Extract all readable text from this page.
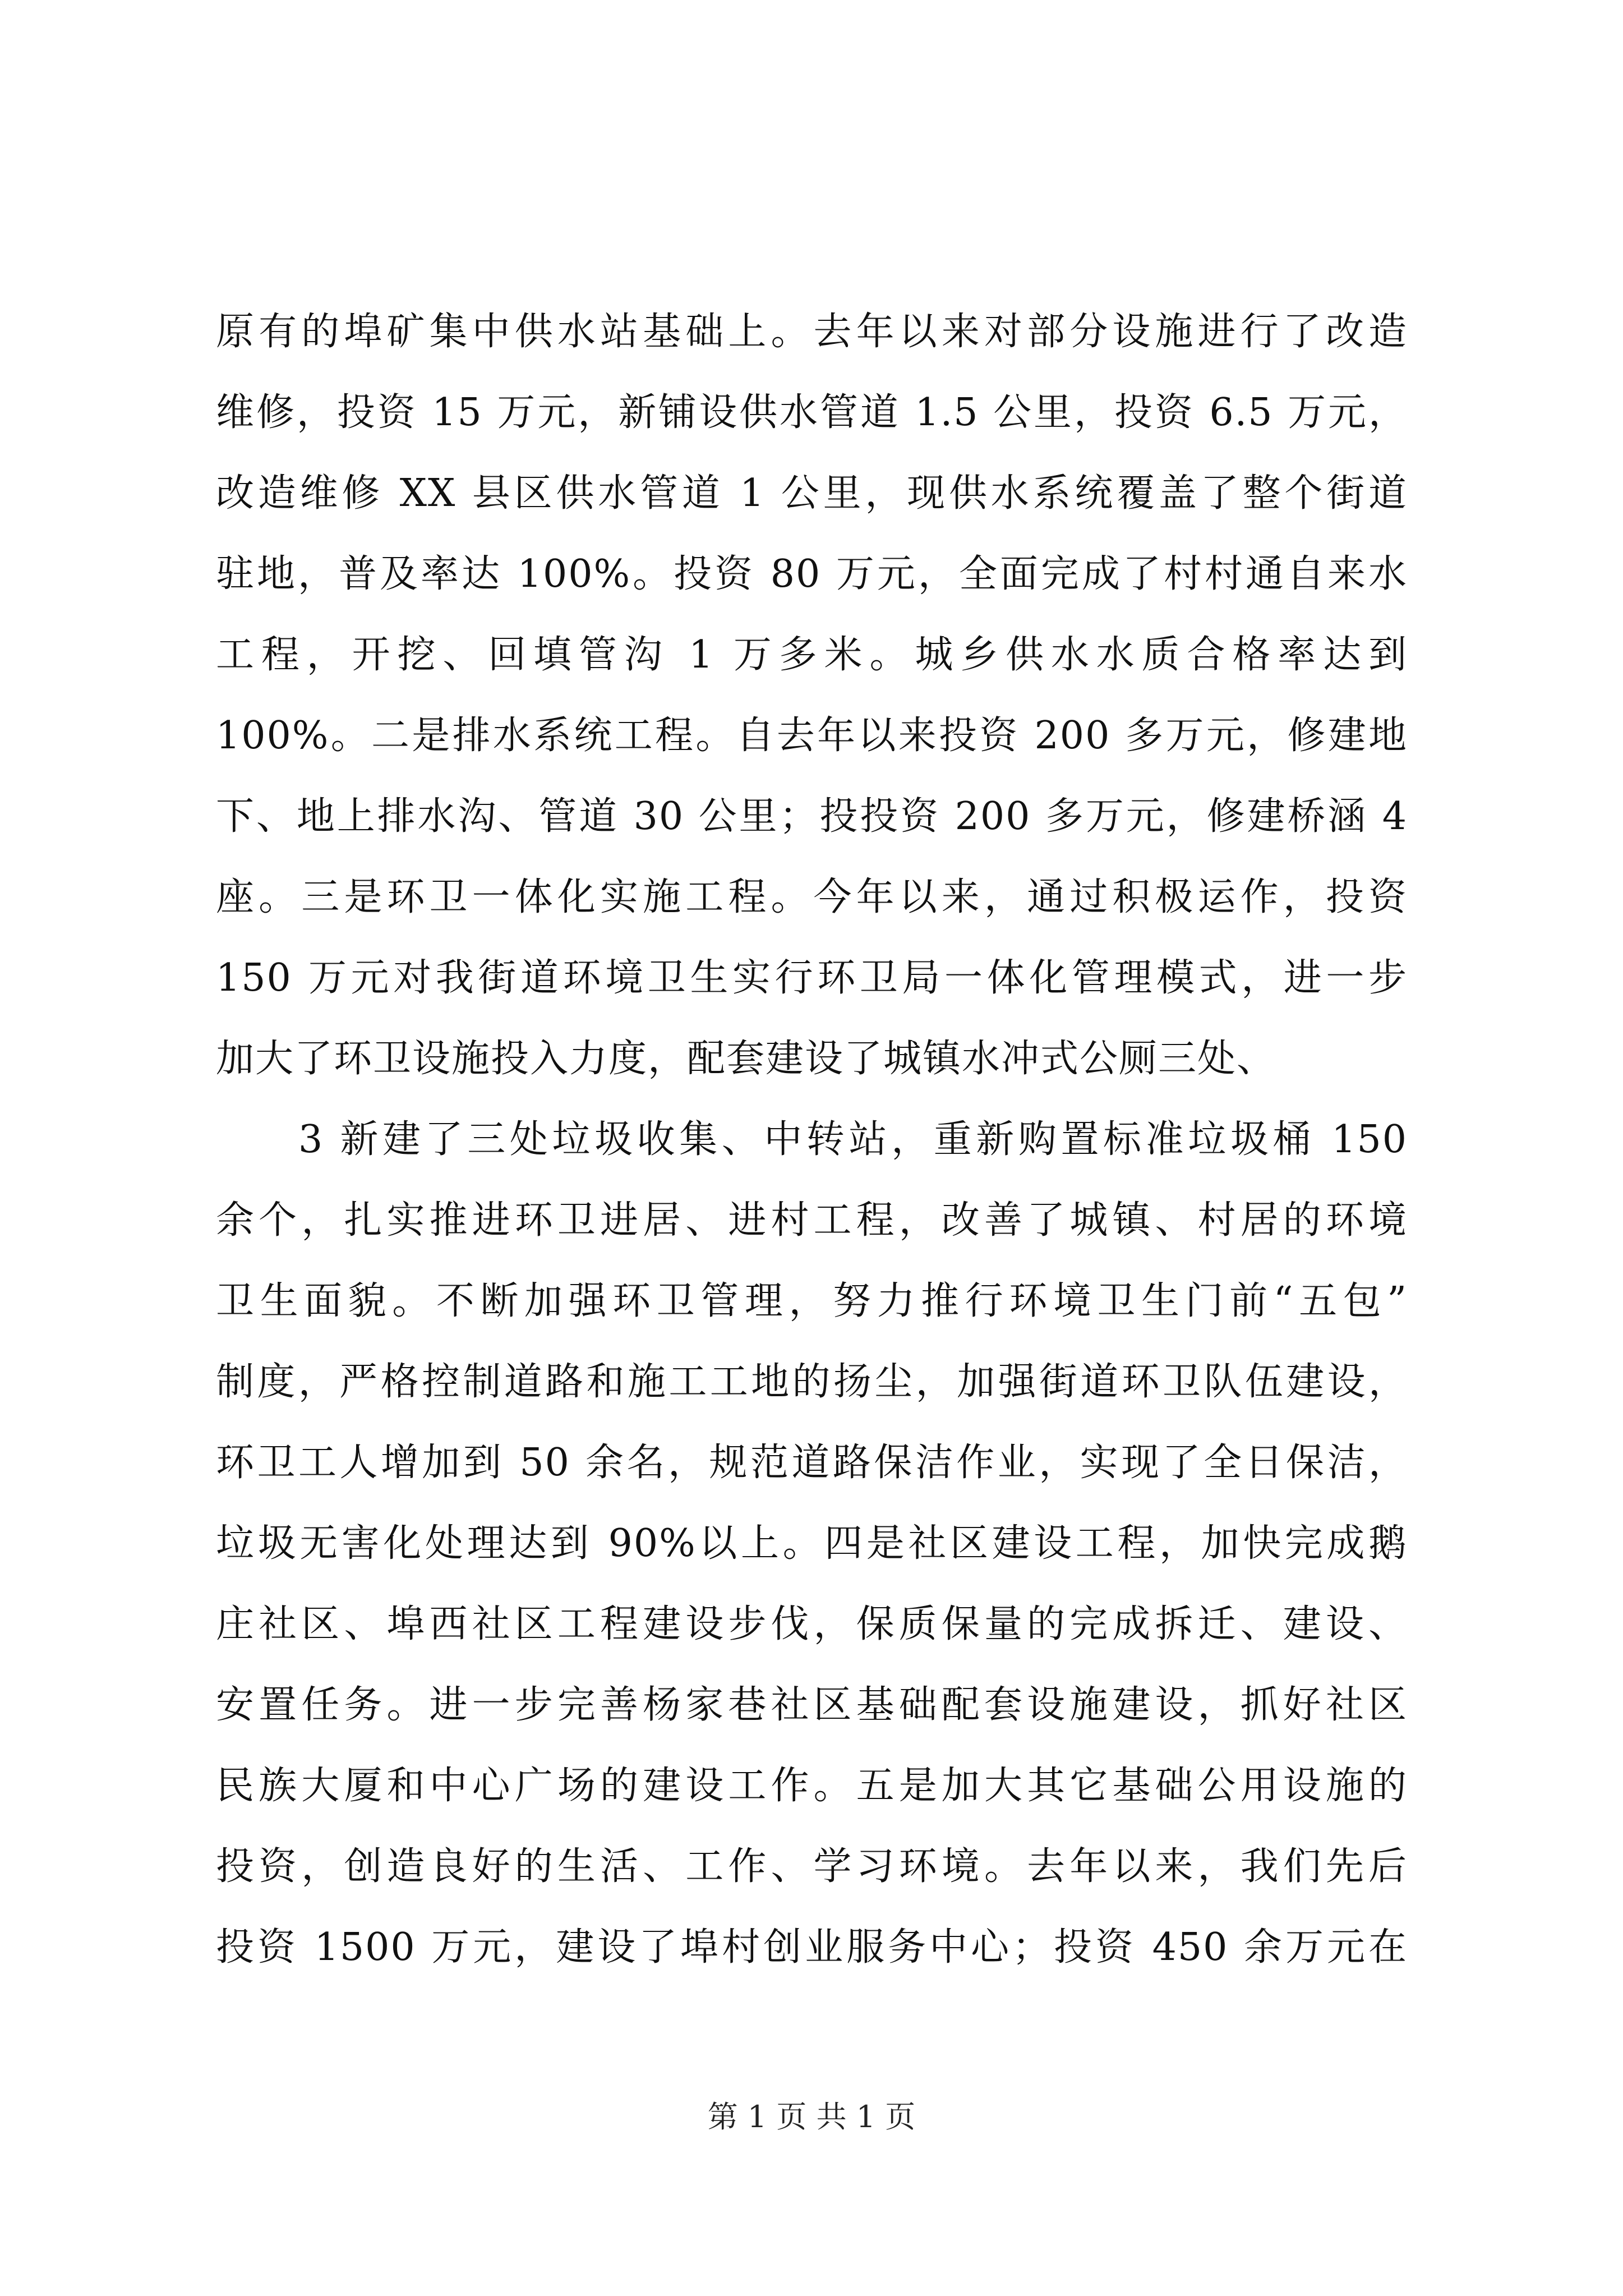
原有的埠矿集中供水站基础上。去年以来对部分设施进行了改造
维修，投资 15 万元，新铺设供水管道 1.5 公里，投资 6.5 万元，
改造维修 XX 县区供水管道 1 公里，现供水系统覆盖了整个街道
驻地，普及率达 100%。投资 80 万元，全面完成了村村通自来水
工程，开挖、回填管沟 1 万多米。城乡供水水质合格率达到
100%。二是排水系统工程。自去年以来投资 200 多万元，修建地
下、地上排水沟、管道 30 公里；投投资 200 多万元，修建桥涵 4
座。三是环卫一体化实施工程。今年以来，通过积极运作，投资
150 万元对我街道环境卫生实行环卫局一体化管理模式，进一步
加大了环卫设施投入力度，配套建设了城镇水冲式公厕三处、
3 新建了三处垃圾收集、中转站，重新购置标准垃圾桶 150
余个，扎实推进环卫进居、进村工程，改善了城镇、村居的环境
卫生面貌。不断加强环卫管理，努力推行环境卫生门前“五包”
制度，严格控制道路和施工工地的扬尘，加强街道环卫队伍建设，
环卫工人增加到 50 余名，规范道路保洁作业，实现了全日保洁，
垃圾无害化处理达到 90%以上。四是社区建设工程，加快完成鹅
庄社区、埠西社区工程建设步伐，保质保量的完成拆迁、建设、
安置任务。进一步完善杨家巷社区基础配套设施建设，抓好社区
民族大厦和中心广场的建设工作。五是加大其它基础公用设施的
投资，创造良好的生活、工作、学习环境。去年以来，我们先后
投资 1500 万元，建设了埠村创业服务中心；投资 450 余万元在
第 1 页 共 1 页
